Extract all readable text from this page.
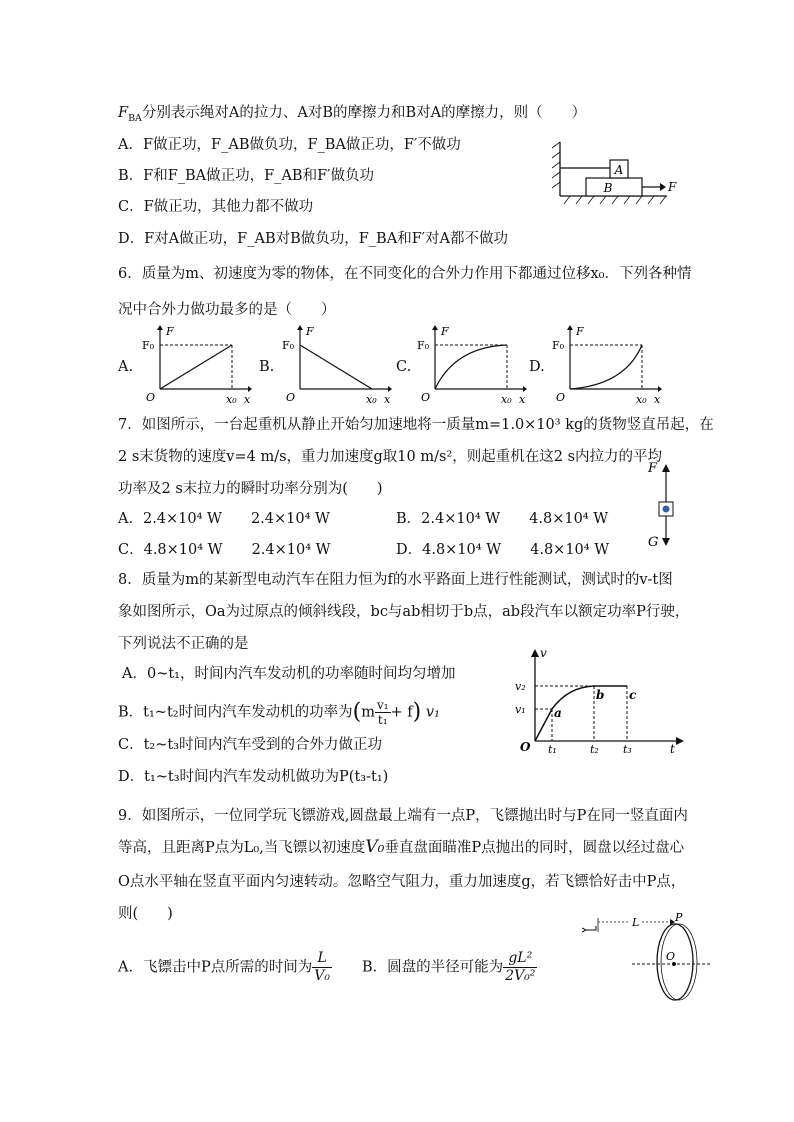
$F_{BA}$分别表示绳对A的拉力、A对B的摩擦力和B对A的摩擦力，则（　　）
A．F做正功，F_AB做负功，F_BA做正功，F′不做功
B．F和F_BA做正功，F_AB和F′做负功
C．F做正功，其他力都不做功
D．F对A做正功，F_AB对B做负功，F_BA和F′对A都不做功
A
B	F
6．质量为m、初速度为零的物体，在不同变化的合外力作用下都通过位移x₀．下列各种情
况中合外力做功最多的是（　　）
A.
F₀
F
O	x₀ x
B.
F₀
F
O	x₀ x
C.
F₀
F
O	x₀ x
D.
F₀
F
O	x₀ x
7．如图所示，一台起重机从静止开始匀加速地将一质量m=1.0×10³ kg的货物竖直吊起，在
2 s末货物的速度v=4 m/s，重力加速度g取10 m/s²，则起重机在这2 s内拉力的平均
功率及2 s末拉力的瞬时功率分别为(　　)
A．2.4×10⁴ W　　2.4×10⁴ W	B．2.4×10⁴ W　　4.8×10⁴ W
C．4.8×10⁴ W　　2.4×10⁴ W	D．4.8×10⁴ W　　4.8×10⁴ W
F
G
8．质量为m的某新型电动汽车在阻力恒为f的水平路面上进行性能测试，测试时的v-t图
象如图所示，Oa为过原点的倾斜线段，bc与ab相切于b点，ab段汽车以额定功率P行驶，
下列说法不正确的是
A．0~t₁，时间内汽车发动机的功率随时间均匀增加
B．t₁~t₂时间内汽车发动机的功率为$(m \frac{\text{v₁}}{\text{t₁}} + f)$ v₁
C．t₂~t₃时间内汽车受到的合外力做正功
D．t₁~t₃时间内汽车发动机做功为P(t₃-t₁)
v
v₂
v₁
O t₁	t₂ t₃	t
a
b c
9．如图所示，一位同学玩飞镖游戏,圆盘最上端有一点P，飞镖抛出时与P在同一竖直面内
等高，且距离P点为L₀,当飞镖以初速度V₀垂直盘面瞄准P点抛出的同时，圆盘以经过盘心
O点水平轴在竖直平面内匀速转动。忽略空气阻力，重力加速度g，若飞镖恰好击中P点，
则(　　)
A．飞镖击中P点所需的时间为 $\frac{L}{\text{V₀}}$ B．圆盘的半径可能为 $\frac{\text{gL²}}{\text{2V₀²}}$
L	P
O
